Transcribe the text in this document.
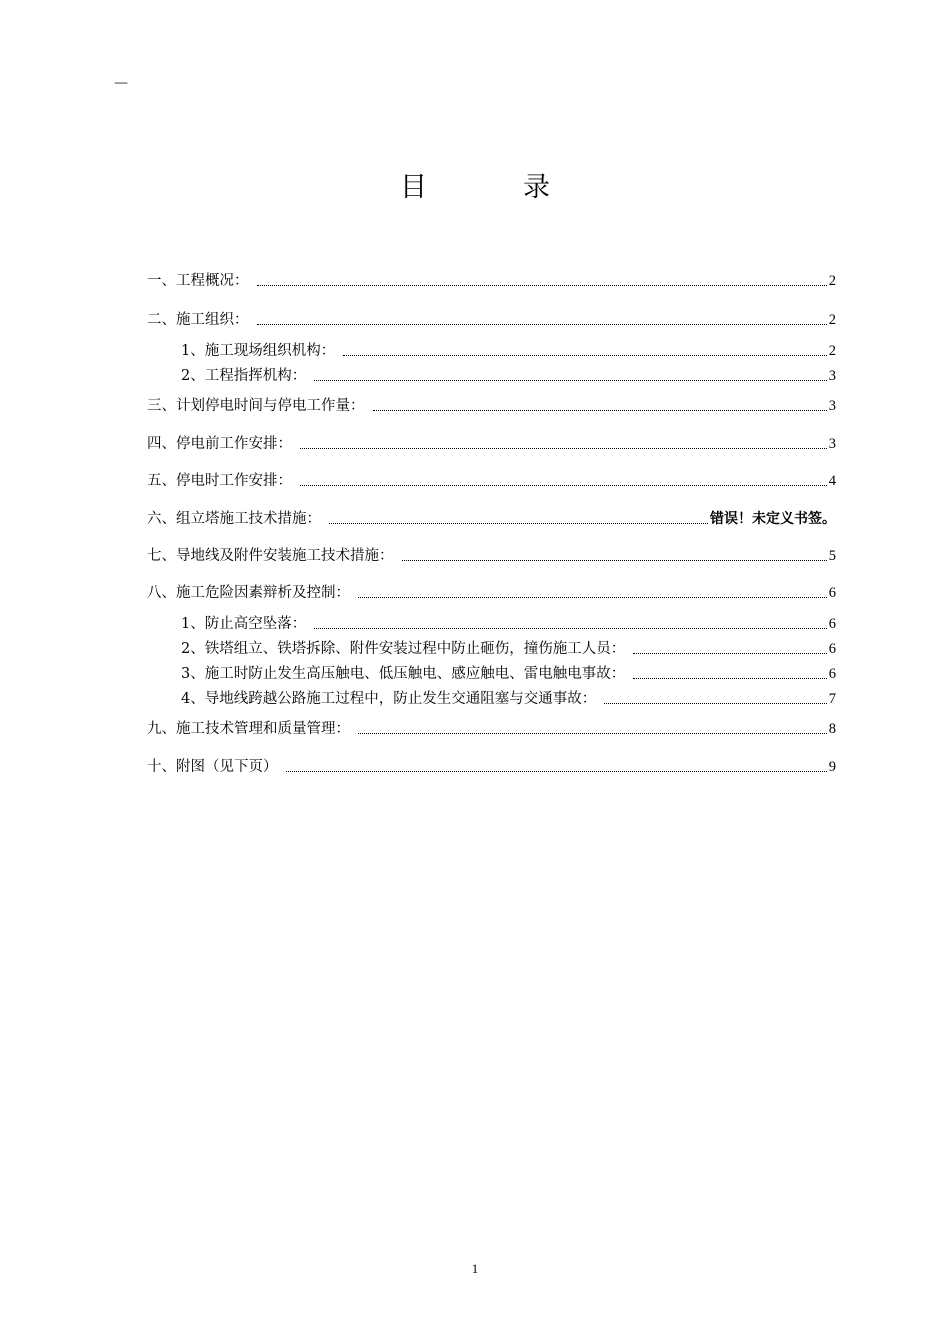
—
目	录
一、工程概况：	2
二、施工组织：	2
1、施工现场组织机构：	2
2、工程指挥机构：	3
三、计划停电时间与停电工作量：	3
四、停电前工作安排：	3
五、停电时工作安排：	4
六、组立塔施工技术措施：	错误！未定义书签。
七、导地线及附件安装施工技术措施：	5
八、施工危险因素辩析及控制：	6
1、防止高空坠落：	6
2、铁塔组立、铁塔拆除、附件安装过程中防止砸伤，撞伤施工人员：	6
3、施工时防止发生高压触电、低压触电、感应触电、雷电触电事故：	6
4、导地线跨越公路施工过程中，防止发生交通阻塞与交通事故：	7
九、施工技术管理和质量管理：	8
十、附图（见下页）	9
1
